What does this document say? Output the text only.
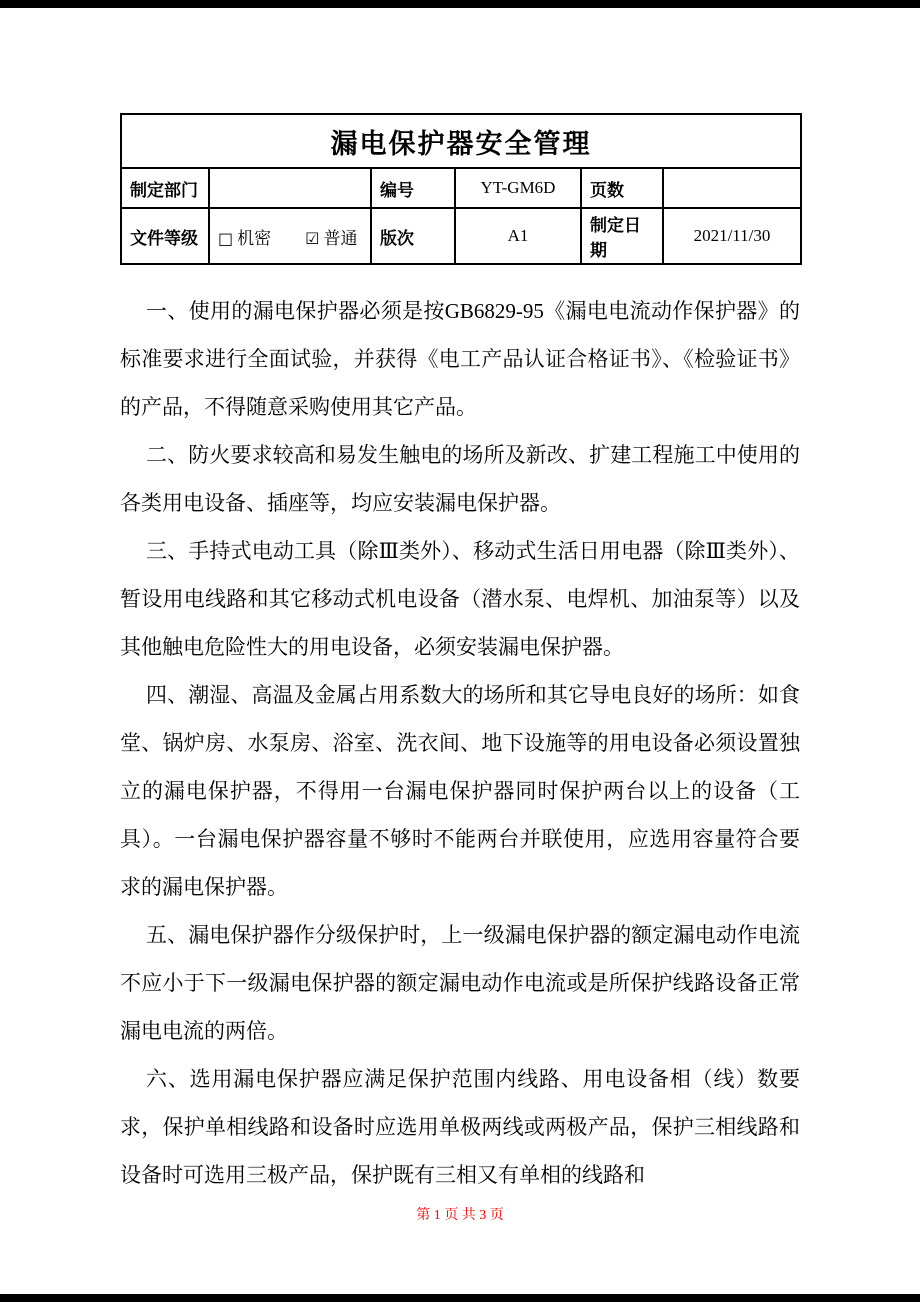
漏电保护器安全管理					
制定部门		编号	YT-GM6D	页数	
文件等级	□ 机密 ☑ 普通	版次	A1	制定日期	2021/11/30

一、使用的漏电保护器必须是按GB6829-95《漏电电流动作保护器》的标准要求进行全面试验，并获得《电工产品认证合格证书》、《检验证书》的产品，不得随意采购使用其它产品。

二、防火要求较高和易发生触电的场所及新改、扩建工程施工中使用的各类用电设备、插座等，均应安装漏电保护器。

三、手持式电动工具（除Ⅲ类外）、移动式生活日用电器（除Ⅲ类外）、暂设用电线路和其它移动式机电设备（潜水泵、电焊机、加油泵等）以及其他触电危险性大的用电设备，必须安装漏电保护器。

四、潮湿、高温及金属占用系数大的场所和其它导电良好的场所：如食堂、锅炉房、水泵房、浴室、洗衣间、地下设施等的用电设备必须设置独立的漏电保护器，不得用一台漏电保护器同时保护两台以上的设备（工具）。一台漏电保护器容量不够时不能两台并联使用，应选用容量符合要求的漏电保护器。

五、漏电保护器作分级保护时，上一级漏电保护器的额定漏电动作电流不应小于下一级漏电保护器的额定漏电动作电流或是所保护线路设备正常漏电电流的两倍。

六、选用漏电保护器应满足保护范围内线路、用电设备相（线）数要求，保护单相线路和设备时应选用单极两线或两极产品，保护三相线路和设备时可选用三极产品，保护既有三相又有单相的线路和

第 1 页 共 3 页
